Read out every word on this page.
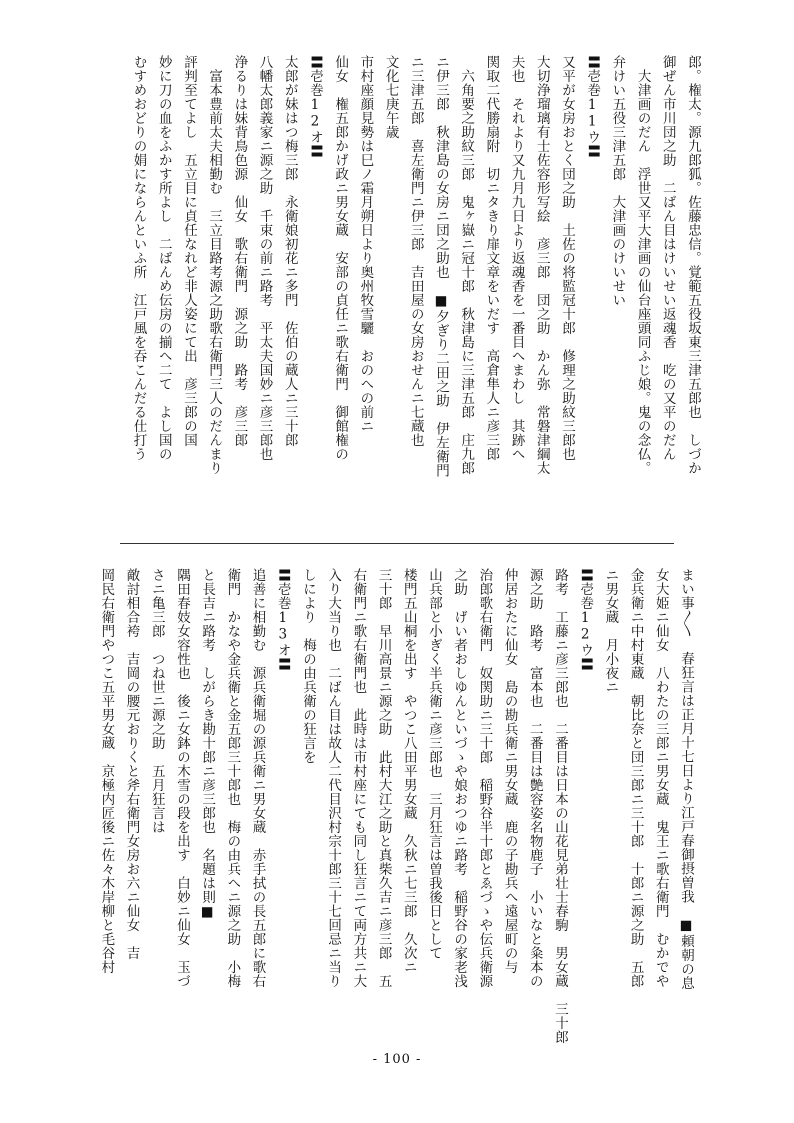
郎。権太。源九郎狐。佐藤忠信。覚範五役坂東三津五郎也　しづか
御ぜん市川団之助　二ばん目はけいせい返魂香　吃の又平のだん
　大津画のだん　浮世又平大津画の仙台座頭同ふじ娘。鬼の念仏。
弁けい五役三津五郎　大津画のけいせい
〓壱巻11ウ〓
又平が女房おとく団之助　土佐の将監冠十郎　修理之助紋三郎也
大切浄瑠璃有士佐容形写絵　彦三郎　団之助　かん弥　常磐津綱太
夫也　それより又九月九日より返魂香を一番目へまわし　其跡へ
関取二代勝扇附　切ニタきり扉文章をいだす　高倉隼人ニ彦三郎
　六角要之助紋三郎　鬼ヶ嶽ニ冠十郎　秋津島に三津五郎　庄九郎
ニ伊三郎　秋津島の女房ニ団之助也　■夕ぎり二田之助　伊左衛門
ニ三津五郎　喜左衛門ニ伊三郎　吉田屋の女房おせんニ七蔵也
文化七庚午歳
市村座顔見勢は巳ノ霜月朔日より奥州牧雪驪　おのへの前ニ
仙女　権五郎かげ政ニ男女蔵　安部の貞任ニ歌右衛門　御館権の
〓壱巻12オ〓
太郎が妹はつ梅三郎　永衛娘初花ニ多門　佐伯の蔵人ニ三十郎
八幡太郎義家ニ源之助　千束の前ニ路考　平太夫国妙ニ彦三郎也
浄るりは妹背鳥色源　仙女　歌右衛門　源之助　路考　彦三郎
　富本豊前太夫相勤む　三立目路考源之助歌右衛門三人のだんまり
評判至てよし　五立目に貞任なれど非人姿にて出　彦三郎の国
妙に刀の血をふかす所よし　二ばんめ伝房の揃へ二て　よし国の
むすめおどりの娟にならんといふ所　江戸風を吞こんだる仕打う
まい事〳〵　春狂言は正月十七日より江戸春御摂曽我　■頼朝の息
女大姫ニ仙女　八わたの三郎ニ男女蔵　鬼王ニ歌右衛門　むかでや
金兵衛ニ中村東蔵　朝比奈と団三郎ニ三十郎　十郎ニ源之助　五郎
ニ男女蔵　月小夜ニ
〓壱巻12ウ〓
路考　工藤ニ彦三郎也　二番目は日本の山花見弟壮士春駒　男女蔵　三十郎
源之助　路考　富本也　二番目は艶容姿名物鹿子　小いなと粂本の
仲居おたに仙女　島の勘兵衛ニ男女蔵　鹿の子勘兵へ遠屋町の与
治郎歌右衛門　奴関助ニ三十郎　稲野谷半十郎とゑづゝや伝兵衛源
之助　げい者おしゆんといづゝや娘おつゆニ路考　稲野谷の家老浅
山兵部と小ぎく半兵衛ニ彦三郎也　三月狂言は曽我後日として
楼門五山桐を出す　やつこ八田平男女蔵　久秋ニ七三郎　久次ニ
三十郎　早川高景ニ源之助　此村大江之助と真柴久吉ニ彦三郎　五
右衛門ニ歌右衛門也　此時は市村座にても同し狂言ニて両方共ニ大
入り大当り也　二ばん目は故人二代目沢村宗十郎三十七回忌ニ当り
しにより　梅の由兵衛の狂言を
〓壱巻13オ〓
追善に相勤む　源兵衛堀の源兵衛ニ男女蔵　赤手拭の長五郎に歌右
衛門　かなや金兵衛と金五郎三十郎也　梅の由兵へニ源之助　小梅
と長吉ニ路考　しがらき勘十郎ニ彦三郎也　名題は則■
隅田春妓女容性也　後ニ女鉢の木雪の段を出す　白妙ニ仙女　玉づ
さニ亀三郎　つね世ニ源之助　五月狂言は
敵討相合袴　吉岡の腰元おりくと斧右衛門女房お六ニ仙女　吉
岡民右衛門やつこ五平男女蔵　京極内匠後ニ佐々木岸柳と毛谷村
- 100 -
